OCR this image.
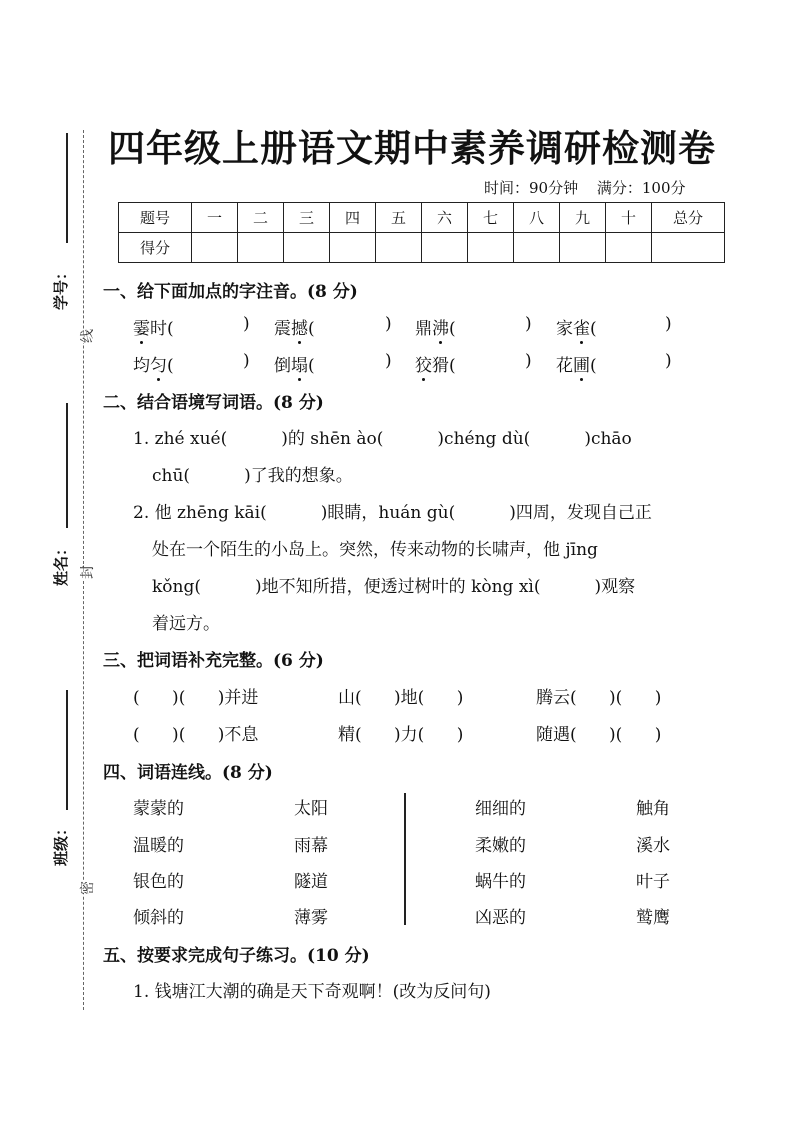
学号：
姓名：
班级：
线
封
密
四年级上册语文期中素养调研检测卷
时间：90分钟 满分：100分
题号	一	二	三	四	五	六	七	八	九	十	总分
得分											
一、给下面加点的字注音。(8 分)
霎时(	) 震撼(	) 鼎沸(	) 家雀(	)
均匀(	) 倒塌(	) 狡猾(	) 花圃(	)
二、结合语境写词语。(8 分)
1. zhé xué(          )的 shēn ào(          )chéng dù(          )chāo
chū(          )了我的想象。
2. 他 zhēng kāi(          )眼睛，huán gù(          )四周，发现自己正
处在一个陌生的小岛上。突然，传来动物的长啸声，他 jīng
kǒng(          )地不知所措，便透过树叶的 kòng xì(          )观察
着远方。
三、把词语补充完整。(6 分)
(      )(      )并进	山(      )地(      )	腾云(      )(      )
(      )(      )不息	精(      )力(      )	随遇(      )(      )
四、词语连线。(8 分)
蒙蒙的	太阳	细细的	触角
温暖的	雨幕	柔嫩的	溪水
银色的	隧道	蜗牛的	叶子
倾斜的	薄雾	凶恶的	鹫鹰
五、按要求完成句子练习。(10 分)
1. 钱塘江大潮的确是天下奇观啊！(改为反问句)
